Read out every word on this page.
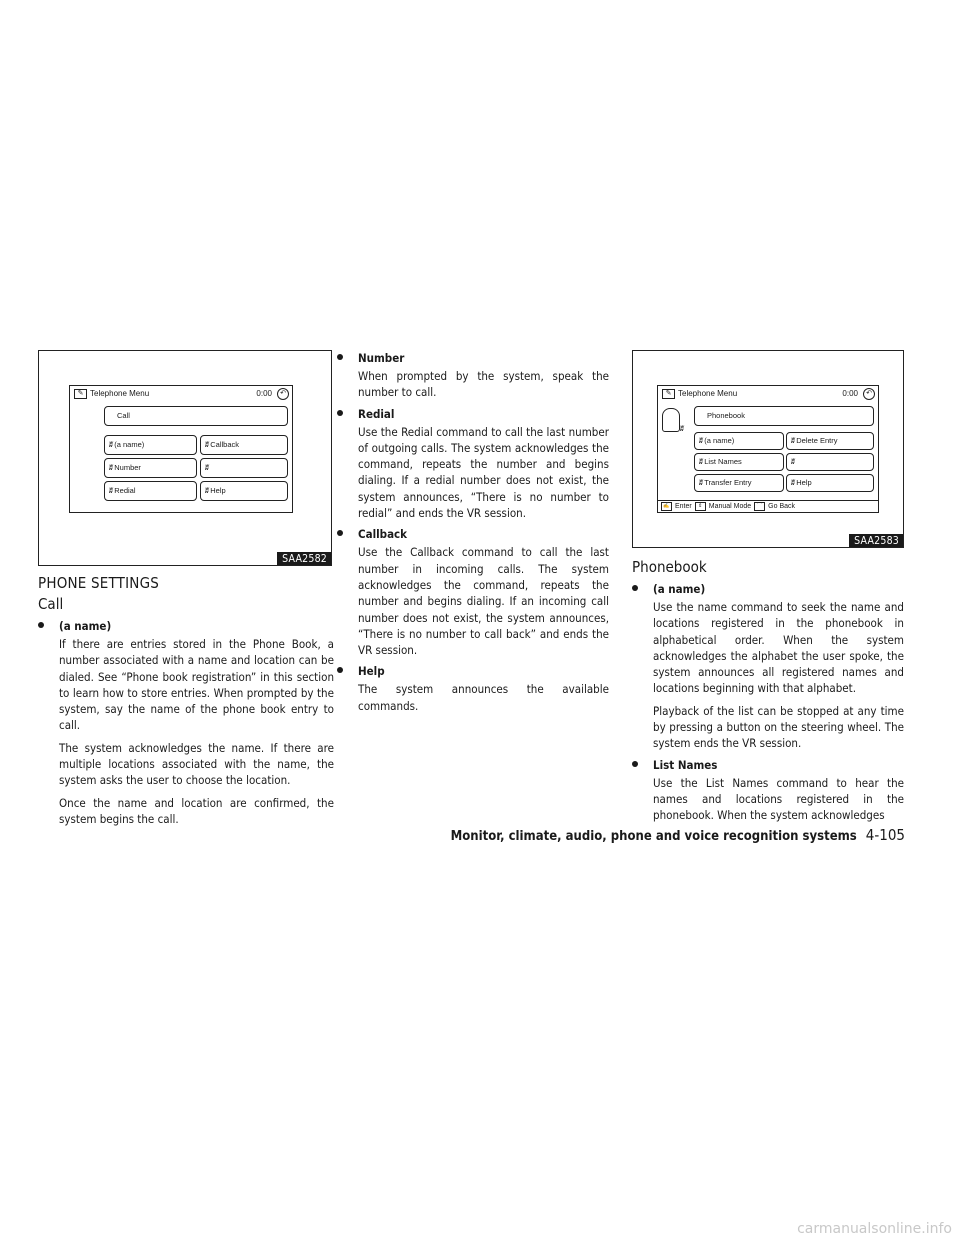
✎ Telephone Menu	0:00	↶
Call
ʬ (a name)	ʬ Callback
ʬ Number	ʬ
ʬ Redial	ʬ Help
SAA2582
PHONE SETTINGS
Call
(a name)

If there are entries stored in the Phone Book, a number associated with a name and location can be dialed. See “Phone book registration” in this section to learn how to store entries. When prompted by the system, say the name of the phone book entry to call.

The system acknowledges the name. If there are multiple locations associated with the name, the system asks the user to choose the location.

Once the name and location are confirmed, the system begins the call.

Number

When prompted by the system, speak the number to call.

Redial

Use the Redial command to call the last number of outgoing calls. The system acknowledges the command, repeats the number and begins dialing. If a redial number does not exist, the system announces, “There is no number to redial” and ends the VR session.

Callback

Use the Callback command to call the last number in incoming calls. The system acknowledges the command, repeats the number and begins dialing. If an incoming call number does not exist, the system announces, “There is no number to call back” and ends the VR session.

Help

The system announces the available commands.

✎ Telephone Menu	0:00	↶
ʬ
Phonebook
ʬ (a name)	ʬ Delete Entry
ʬ List Names	ʬ
ʬ Transfer Entry	ʬ Help
✍ Enter	⇕ Manual Mode	⌒ Go Back
SAA2583
Phonebook
(a name)

Use the name command to seek the name and locations registered in the phonebook in alphabetical order. When the system acknowledges the alphabet the user spoke, the system announces all registered names and locations beginning with that alphabet.

Playback of the list can be stopped at any time by pressing a button on the steering wheel. The system ends the VR session.

List Names

Use the List Names command to hear the names and locations registered in the phonebook. When the system acknowledges

Monitor, climate, audio, phone and voice recognition systems 4-105
carmanualsonline.info
